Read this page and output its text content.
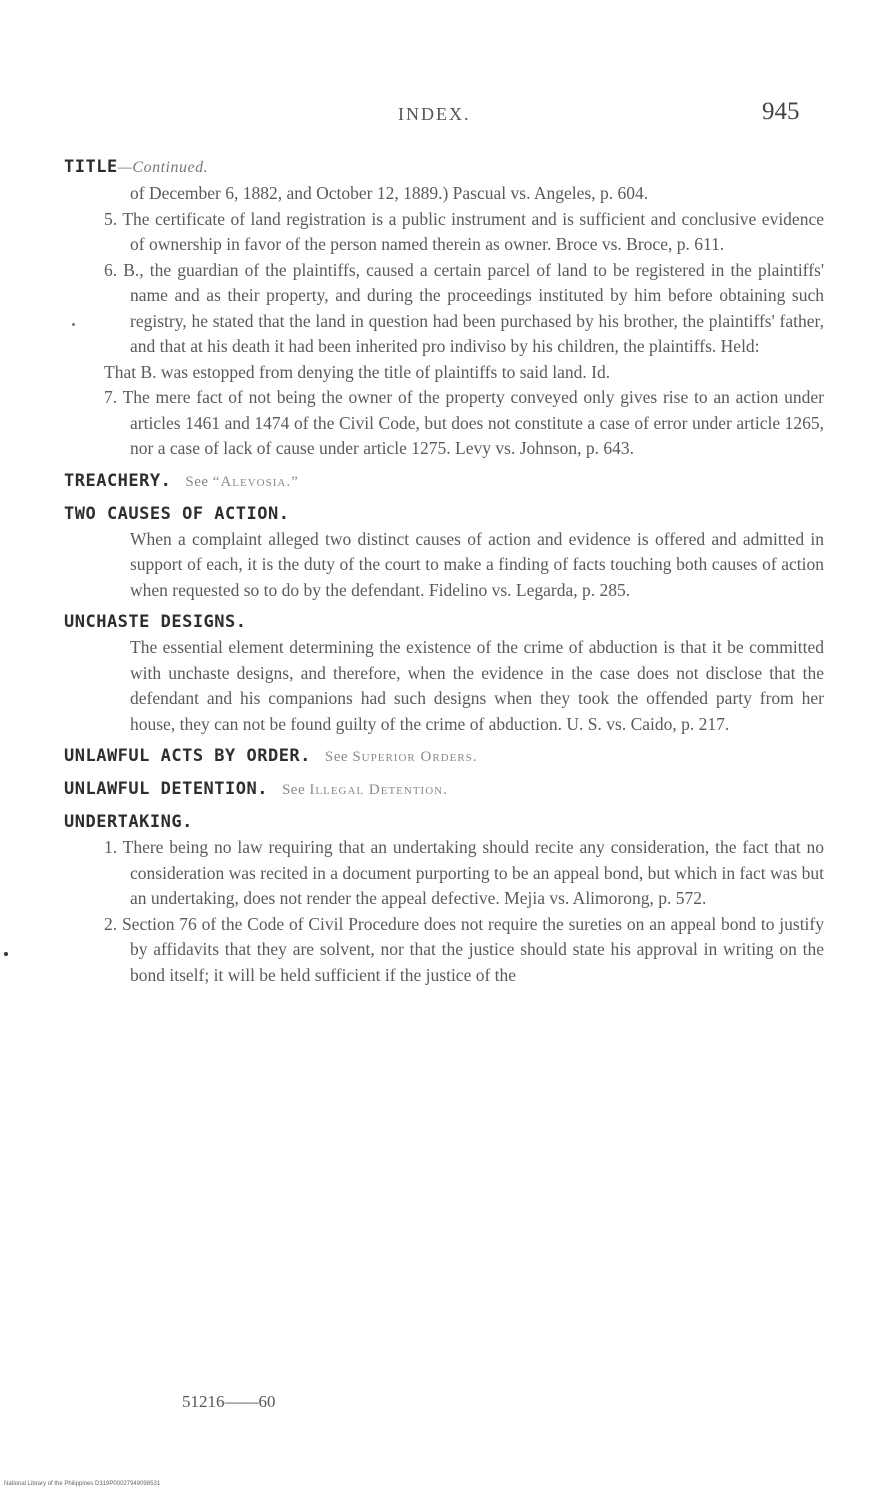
INDEX.	945
TITLE—Continued.

of December 6, 1882, and October 12, 1889.) Pascual vs. Angeles, p. 604.

5. The certificate of land registration is a public instrument and is sufficient and conclusive evidence of ownership in favor of the person named therein as owner. Broce vs. Broce, p. 611.

6. B., the guardian of the plaintiffs, caused a certain parcel of land to be registered in the plaintiffs' name and as their property, and during the proceedings instituted by him before obtaining such registry, he stated that the land in question had been purchased by his brother, the plaintiffs' father, and that at his death it had been inherited pro indiviso by his children, the plaintiffs. Held:

That B. was estopped from denying the title of plaintiffs to said land. Id.

7. The mere fact of not being the owner of the property conveyed only gives rise to an action under articles 1461 and 1474 of the Civil Code, but does not constitute a case of error under article 1265, nor a case of lack of cause under article 1275. Levy vs. Johnson, p. 643.

TREACHERY. See “Alevosia.”
TWO CAUSES OF ACTION.

When a complaint alleged two distinct causes of action and evidence is offered and admitted in support of each, it is the duty of the court to make a finding of facts touching both causes of action when requested so to do by the defendant. Fidelino vs. Legarda, p. 285.

UNCHASTE DESIGNS.

The essential element determining the existence of the crime of abduction is that it be committed with unchaste designs, and therefore, when the evidence in the case does not disclose that the defendant and his companions had such designs when they took the offended party from her house, they can not be found guilty of the crime of abduction. U. S. vs. Caido, p. 217.

UNLAWFUL ACTS BY ORDER. See Superior Orders.
UNLAWFUL DETENTION. See Illegal Detention.
UNDERTAKING.

1. There being no law requiring that an undertaking should recite any consideration, the fact that no consideration was recited in a document purporting to be an appeal bond, but which in fact was but an undertaking, does not render the appeal defective. Mejia vs. Alimorong, p. 572.

2. Section 76 of the Code of Civil Procedure does not require the sureties on an appeal bond to justify by affidavits that they are solvent, nor that the justice should state his approval in writing on the bond itself; it will be held sufficient if the justice of the

51216——60
National Library of the Philippines D319P00027949098531
